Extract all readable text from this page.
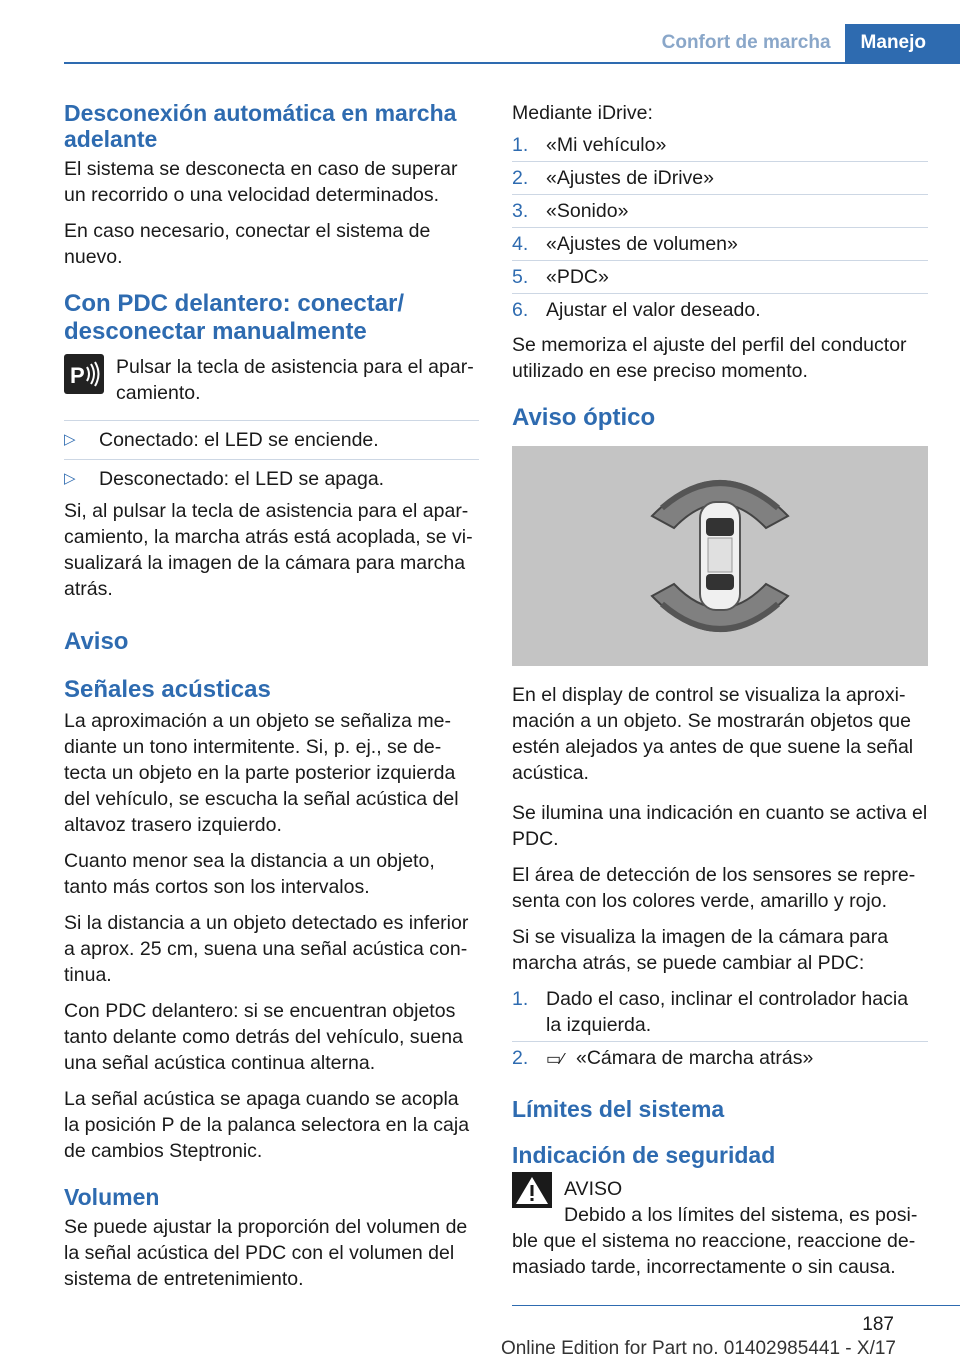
Confort de marcha	Manejo
Desconexión automática en marcha adelante

El sistema se desconecta en caso de superar un recorrido o una velocidad determinados.

En caso necesario, conectar el sistema de nuevo.

Con PDC delantero: conectar/ desconectar manualmente
P Pulsar la tecla de asistencia para el apar- camiento.
▷ Conectado: el LED se enciende.
▷ Desconectado: el LED se apaga.

Si, al pulsar la tecla de asistencia para el apar- camiento, la marcha atrás está acoplada, se vi- sualizará la imagen de la cámara para marcha atrás.

Aviso
Señales acústicas

La aproximación a un objeto se señaliza me- diante un tono intermitente. Si, p. ej., se de- tecta un objeto en la parte posterior izquierda del vehículo, se escucha la señal acústica del altavoz trasero izquierdo.

Cuanto menor sea la distancia a un objeto, tanto más cortos son los intervalos.

Si la distancia a un objeto detectado es inferior a aprox. 25 cm, suena una señal acústica con- tinua.

Con PDC delantero: si se encuentran objetos tanto delante como detrás del vehículo, suena una señal acústica continua alterna.

La señal acústica se apaga cuando se acopla la posición P de la palanca selectora en la caja de cambios Steptronic.

Volumen

Se puede ajustar la proporción del volumen de la señal acústica del PDC con el volumen del sistema de entretenimiento.

Mediante iDrive:

1. «Mi vehículo»
2. «Ajustes de iDrive»
3. «Sonido»
4. «Ajustes de volumen»
5. «PDC»
6. Ajustar el valor deseado.

Se memoriza el ajuste del perfil del conductor utilizado en ese preciso momento.

Aviso óptico

En el display de control se visualiza la aproxi- mación a un objeto. Se mostrarán objetos que estén alejados ya antes de que suene la señal acústica.

Se ilumina una indicación en cuanto se activa el PDC.

El área de detección de los sensores se repre- senta con los colores verde, amarillo y rojo.

Si se visualiza la imagen de la cámara para marcha atrás, se puede cambiar al PDC:

1. Dado el caso, inclinar el controlador hacia la izquierda.
2. ▭⁄ «Cámara de marcha atrás»
Límites del sistema
Indicación de seguridad
AVISO

Debido a los límites del sistema, es posi- ble que el sistema no reaccione, reaccione de- masiado tarde, incorrectamente o sin causa.

187
Online Edition for Part no. 01402985441 - X/17
